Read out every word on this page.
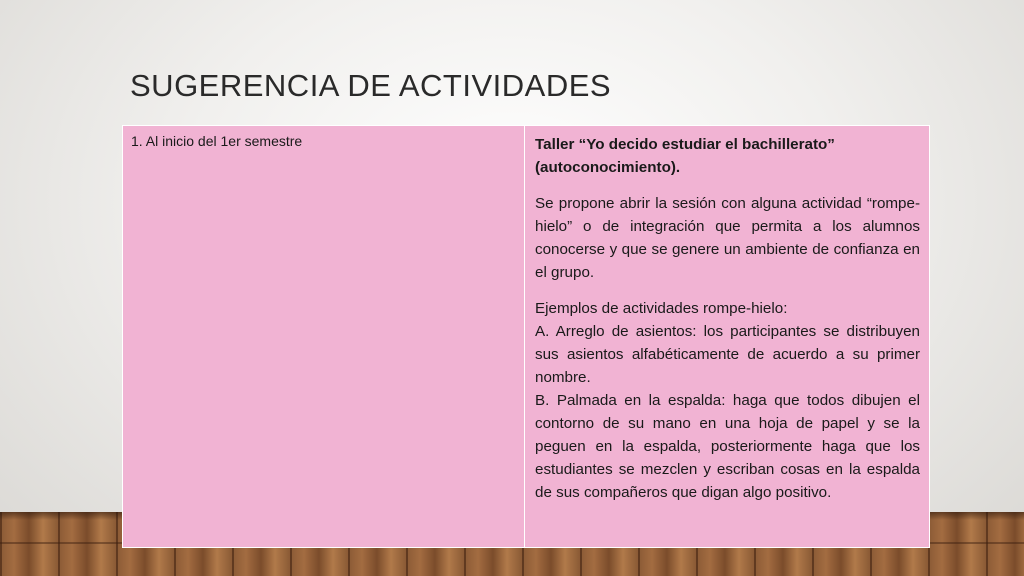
SUGERENCIA DE ACTIVIDADES
1. Al inicio del 1er semestre	Taller “Yo decido estudiar el bachillerato” (autoconocimiento).
Se propone abrir la sesión con alguna actividad “rompe-hielo” o de integración que permita a los alumnos conocerse y que se genere un ambiente de confianza en el grupo.
Ejemplos de actividades rompe-hielo:
A. Arreglo de asientos: los participantes se distribuyen sus asientos alfabéticamente de acuerdo a su primer nombre.
B. Palmada en la espalda: haga que todos dibujen el contorno de su mano en una hoja de papel y se la peguen en la espalda, posteriormente haga que los estudiantes se mezclen y escriban cosas en la espalda de sus compañeros que digan algo positivo.
